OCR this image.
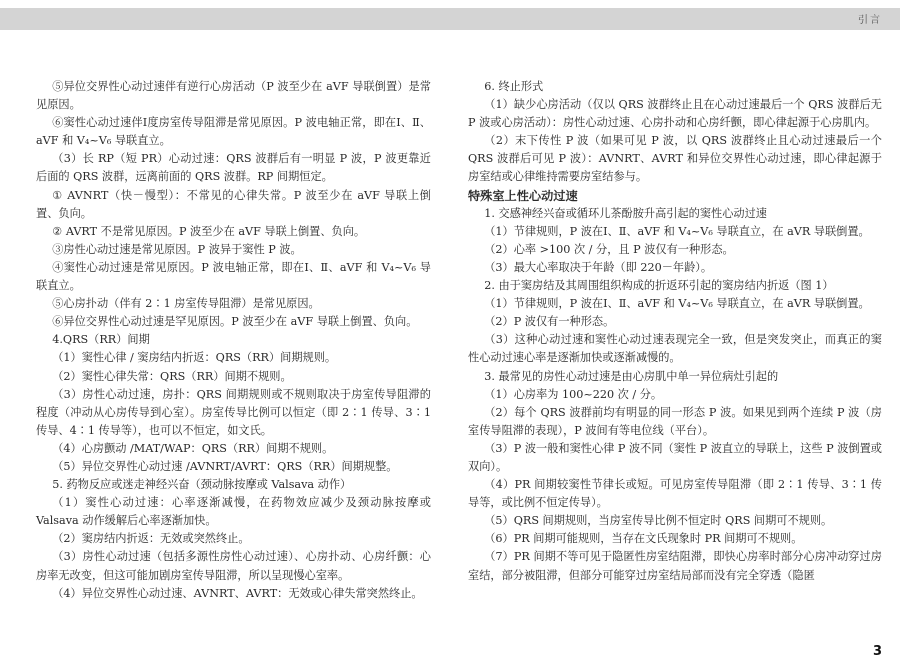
引言

⑤异位交界性心动过速伴有逆行心房活动（P 波至少在 aVF 导联倒置）是常见原因。

⑥窦性心动过速伴Ⅰ度房室传导阻滞是常见原因。P 波电轴正常，即在Ⅰ、Ⅱ、aVF 和 V₄~V₆ 导联直立。

（3）长 RP（短 PR）心动过速：QRS 波群后有一明显 P 波，P 波更靠近后面的 QRS 波群，远离前面的 QRS 波群。RP 间期恒定。

① AVNRT（快－慢型）：不常见的心律失常。P 波至少在 aVF 导联上倒置、负向。

② AVRT 不是常见原因。P 波至少在 aVF 导联上倒置、负向。

③房性心动过速是常见原因。P 波异于窦性 P 波。

④窦性心动过速是常见原因。P 波电轴正常，即在Ⅰ、Ⅱ、aVF 和 V₄~V₆ 导联直立。

⑤心房扑动（伴有 2∶1 房室传导阻滞）是常见原因。

⑥异位交界性心动过速是罕见原因。P 波至少在 aVF 导联上倒置、负向。

4.QRS（RR）间期

（1）窦性心律 / 窦房结内折返：QRS（RR）间期规则。

（2）窦性心律失常：QRS（RR）间期不规则。

（3）房性心动过速，房扑：QRS 间期规则或不规则取决于房室传导阻滞的程度（冲动从心房传导到心室）。房室传导比例可以恒定（即 2∶1 传导、3∶1 传导、4∶1 传导等），也可以不恒定，如文氏。

（4）心房颤动 /MAT/WAP：QRS（RR）间期不规则。

（5）异位交界性心动过速 /AVNRT/AVRT：QRS（RR）间期规整。

5. 药物反应或迷走神经兴奋（颈动脉按摩或 Valsava 动作）

（1）窦性心动过速：心率逐渐减慢，在药物效应减少及颈动脉按摩或 Valsava 动作缓解后心率逐渐加快。

（2）窦房结内折返：无效或突然终止。

（3）房性心动过速（包括多源性房性心动过速）、心房扑动、心房纤颤：心房率无改变，但这可能加剧房室传导阻滞，所以呈现慢心室率。

（4）异位交界性心动过速、AVNRT、AVRT：无效或心律失常突然终止。

6. 终止形式

（1）缺少心房活动（仅以 QRS 波群终止且在心动过速最后一个 QRS 波群后无 P 波或心房活动）：房性心动过速、心房扑动和心房纤颤，即心律起源于心房肌内。

（2）末下传性 P 波（如果可见 P 波，以 QRS 波群终止且心动过速最后一个 QRS 波群后可见 P 波）：AVNRT、AVRT 和异位交界性心动过速，即心律起源于房室结或心律维持需要房室结参与。

特殊室上性心动过速

1. 交感神经兴奋或循环儿茶酚胺升高引起的窦性心动过速

（1）节律规则，P 波在Ⅰ、Ⅱ、aVF 和 V₄~V₆ 导联直立，在 aVR 导联倒置。

（2）心率 >100 次 / 分，且 P 波仅有一种形态。

（3）最大心率取决于年龄（即 220－年龄）。

2. 由于窦房结及其周围组织构成的折返环引起的窦房结内折返（图 1）

（1）节律规则，P 波在Ⅰ、Ⅱ、aVF 和 V₄~V₆ 导联直立，在 aVR 导联倒置。

（2）P 波仅有一种形态。

（3）这种心动过速和窦性心动过速表现完全一致，但是突发突止，而真正的窦性心动过速心率是逐渐加快或逐渐减慢的。

3. 最常见的房性心动过速是由心房肌中单一异位病灶引起的

（1）心房率为 100~220 次 / 分。

（2）每个 QRS 波群前均有明显的同一形态 P 波。如果见到两个连续 P 波（房室传导阻滞的表现），P 波间有等电位线（平台）。

（3）P 波一般和窦性心律 P 波不同（窦性 P 波直立的导联上，这些 P 波倒置或双向）。

（4）PR 间期较窦性节律长或短。可见房室传导阻滞（即 2∶1 传导、3∶1 传导等，或比例不恒定传导）。

（5）QRS 间期规则，当房室传导比例不恒定时 QRS 间期可不规则。

（6）PR 间期可能规则，当存在文氏现象时 PR 间期可不规则。

（7）PR 间期不等可见于隐匿性房室结阻滞，即快心房率时部分心房冲动穿过房室结，部分被阻滞，但部分可能穿过房室结局部而没有完全穿透（隐匿

3
